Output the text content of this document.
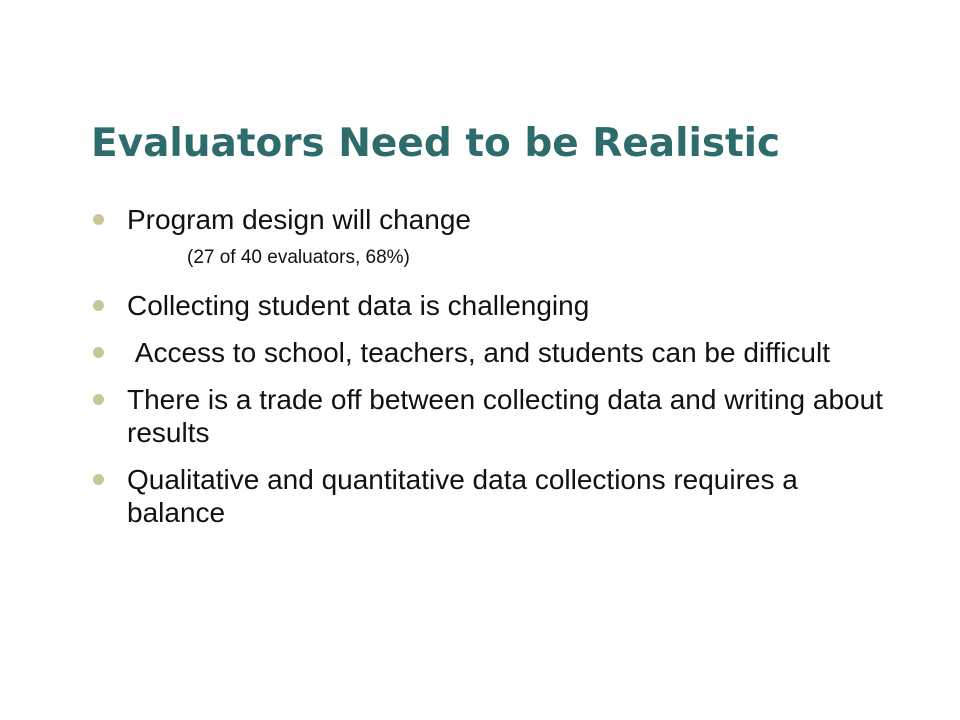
Evaluators Need to be Realistic
Program design will change
(27 of 40 evaluators, 68%)
Collecting student data is challenging
Access to school, teachers, and students can be difficult
There is a trade off between collecting data and writing about results
Qualitative and quantitative data collections requires a balance
